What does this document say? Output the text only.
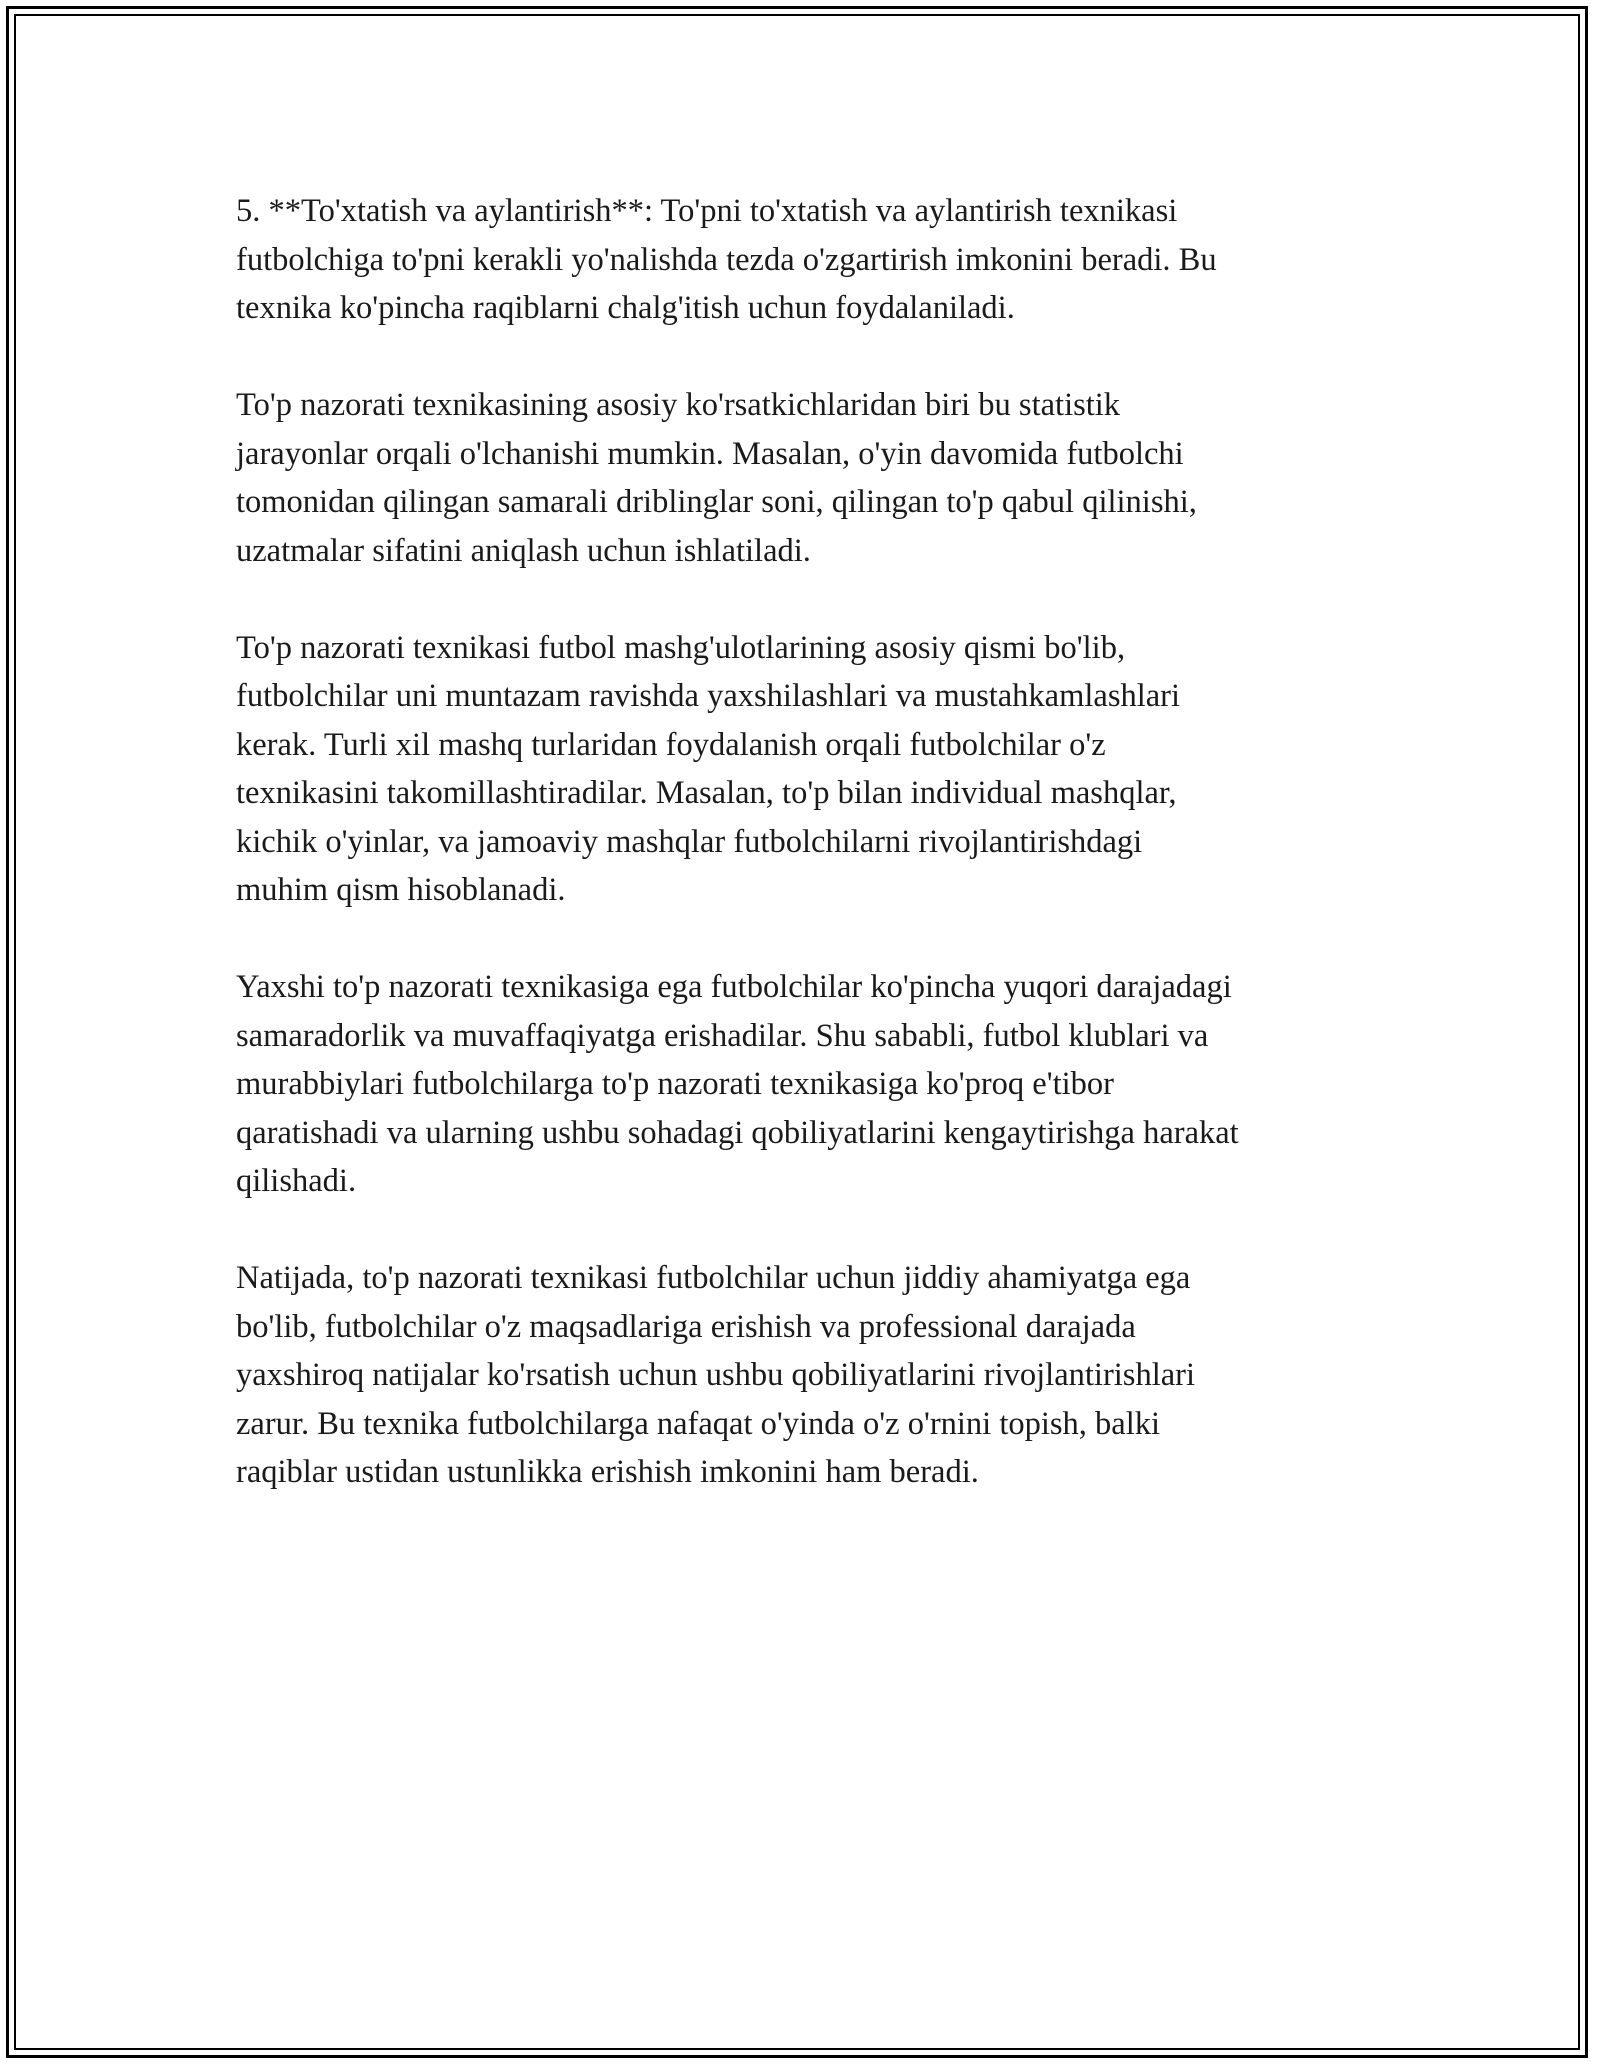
5. **To'xtatish va aylantirish**: To'pni to'xtatish va aylantirish texnikasi
futbolchiga to'pni kerakli yo'nalishda tezda o'zgartirish imkonini beradi. Bu
texnika ko'pincha raqiblarni chalg'itish uchun foydalaniladi.

To'p nazorati texnikasining asosiy ko'rsatkichlaridan biri bu statistik
jarayonlar orqali o'lchanishi mumkin. Masalan, o'yin davomida futbolchi
tomonidan qilingan samarali driblinglar soni, qilingan to'p qabul qilinishi,
uzatmalar sifatini aniqlash uchun ishlatiladi.

To'p nazorati texnikasi futbol mashg'ulotlarining asosiy qismi bo'lib,
futbolchilar uni muntazam ravishda yaxshilashlari va mustahkamlashlari
kerak. Turli xil mashq turlaridan foydalanish orqali futbolchilar o'z
texnikasini takomillashtiradilar. Masalan, to'p bilan individual mashqlar,
kichik o'yinlar, va jamoaviy mashqlar futbolchilarni rivojlantirishdagi
muhim qism hisoblanadi.

Yaxshi to'p nazorati texnikasiga ega futbolchilar ko'pincha yuqori darajadagi
samaradorlik va muvaffaqiyatga erishadilar. Shu sababli, futbol klublari va
murabbiylari futbolchilarga to'p nazorati texnikasiga ko'proq e'tibor
qaratishadi va ularning ushbu sohadagi qobiliyatlarini kengaytirishga harakat
qilishadi.

Natijada, to'p nazorati texnikasi futbolchilar uchun jiddiy ahamiyatga ega
bo'lib, futbolchilar o'z maqsadlariga erishish va professional darajada
yaxshiroq natijalar ko'rsatish uchun ushbu qobiliyatlarini rivojlantirishlari
zarur. Bu texnika futbolchilarga nafaqat o'yinda o'z o'rnini topish, balki
raqiblar ustidan ustunlikka erishish imkonini ham beradi.
